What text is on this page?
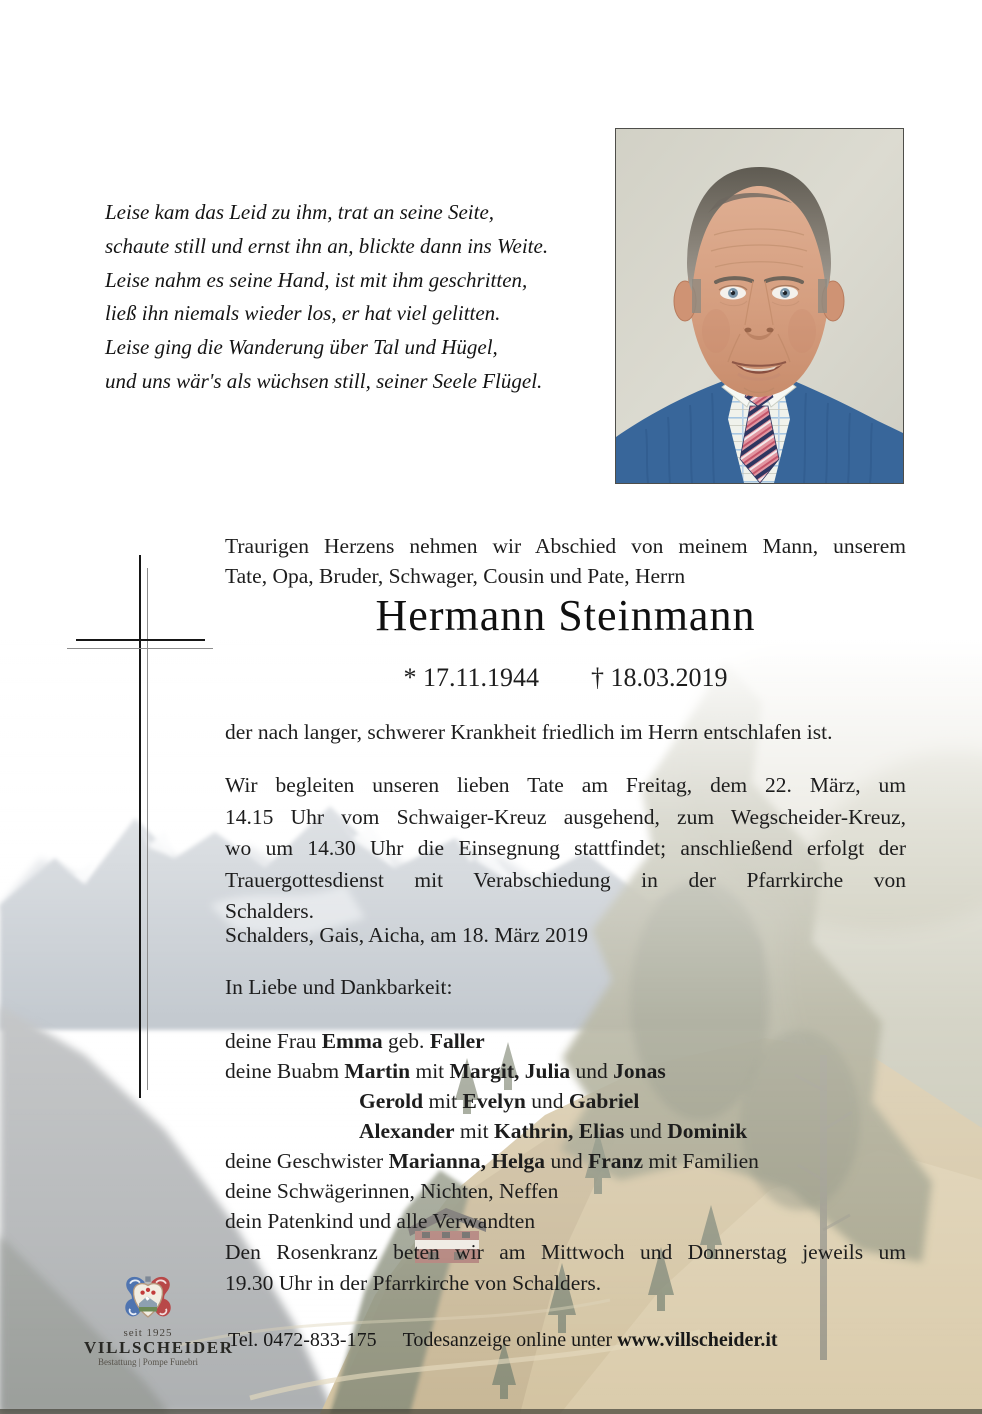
Leise kam das Leid zu ihm, trat an seine Seite,
schaute still und ernst ihn an, blickte dann ins Weite.
Leise nahm es seine Hand, ist mit ihm geschritten,
ließ ihn niemals wieder los, er hat viel gelitten.
Leise ging die Wanderung über Tal und Hügel,
und uns wär's als wüchsen still, seiner Seele Flügel.

Traurigen Herzens nehmen wir Abschied von meinem Mann, unserem
Tate, Opa, Bruder, Schwager, Cousin und Pate, Herrn

Hermann Steinmann
* 17.11.1944 † 18.03.2019

der nach langer, schwerer Krankheit friedlich im Herrn entschlafen ist.

Wir begleiten unseren lieben Tate am Freitag, dem 22. März, um
14.15 Uhr vom Schwaiger-Kreuz ausgehend, zum Wegscheider-Kreuz,
wo um 14.30 Uhr die Einsegnung stattfindet; anschließend erfolgt der
Trauergottesdienst mit Verabschiedung in der Pfarrkirche von
Schalders.

Schalders, Gais, Aicha, am 18. März 2019

In Liebe und Dankbarkeit:

deine Frau Emma geb. Faller
deine Buabm Martin mit Margit, Julia und Jonas
Gerold mit Evelyn und Gabriel
Alexander mit Kathrin, Elias und Dominik
deine Geschwister Marianna, Helga und Franz mit Familien
deine Schwägerinnen, Nichten, Neffen
dein Patenkind und alle Verwandten
Den Rosenkranz beten wir am Mittwoch und Donnerstag jeweils um
19.30 Uhr in der Pfarrkirche von Schalders.
seit 1925
VILLSCHEIDER
Bestattung | Pompe Funebri
Tel. 0472-833-175 Todesanzeige online unter www.villscheider.it
